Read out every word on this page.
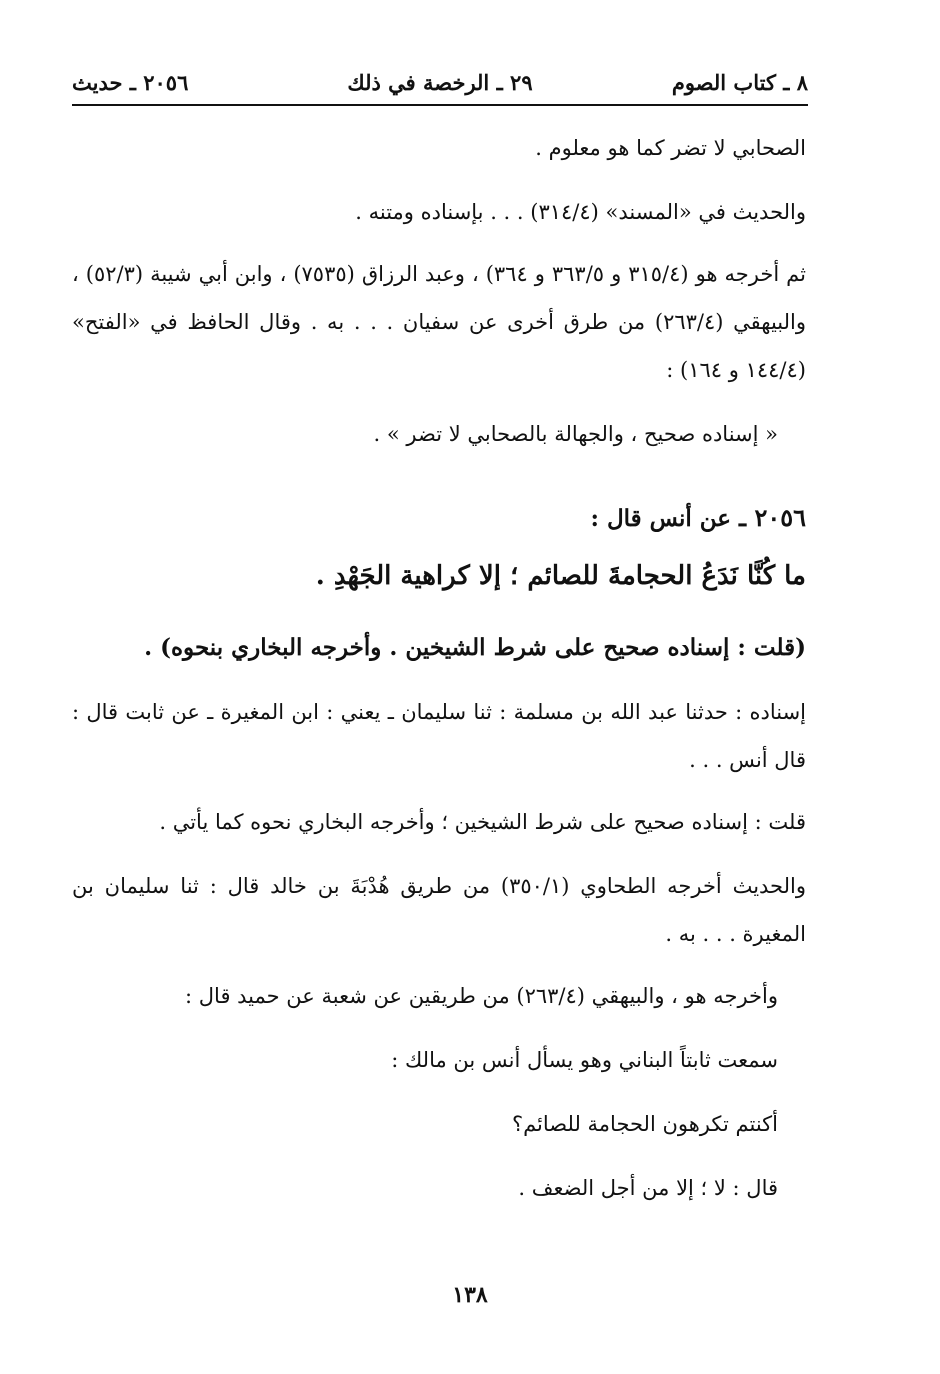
٨ ـ كتاب الصوم
٢٩ ـ الرخصة في ذلك
٢٠٥٦ ـ حديث

الصحابي لا تضر كما هو معلوم .

والحديث في «المسند» (٣١٤/٤) . . . بإسناده ومتنه .

ثم أخرجه هو (٣١٥/٤ و ٣٦٣/٥ و ٣٦٤) ، وعبد الرزاق (٧٥٣٥) ، وابن أبي شيبة (٥٢/٣) ، والبيهقي (٢٦٣/٤) من طرق أخرى عن سفيان . . . به . وقال الحافظ في «الفتح» (١٤٤/٤ و ١٦٤) :

« إسناده صحيح ، والجهالة بالصحابي لا تضر » .

٢٠٥٦ ـ عن أنس قال :

ما كُنَّا نَدَعُ الحجامةَ للصائم ؛ إلا كراهية الجَهْدِ .

(قلت : إسناده صحيح على شرط الشيخين . وأخرجه البخاري بنحوه) .

إسناده : حدثنا عبد الله بن مسلمة : ثنا سليمان ـ يعني : ابن المغيرة ـ عن ثابت قال : قال أنس . . .

قلت : إسناده صحيح على شرط الشيخين ؛ وأخرجه البخاري نحوه كما يأتي .

والحديث أخرجه الطحاوي (٣٥٠/١) من طريق هُدْبَةَ بن خالد قال : ثنا سليمان بن المغيرة . . . به .

وأخرجه هو ، والبيهقي (٢٦٣/٤) من طريقين عن شعبة عن حميد قال :

سمعت ثابتاً البناني وهو يسأل أنس بن مالك :

أكنتم تكرهون الحجامة للصائم؟

قال : لا ؛ إلا من أجل الضعف .

١٣٨
